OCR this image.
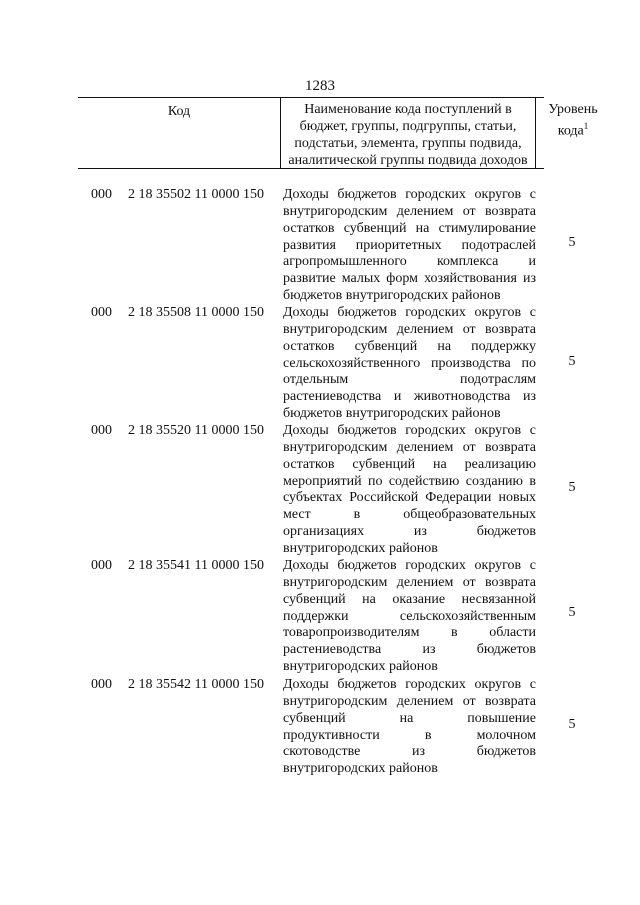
1283
Код	Наименование кода поступлений в
бюджет, группы, подгруппы, статьи,
подстатьи, элемента, группы подвида,
аналитической группы подвида доходов
Уровень
кода$^1$
000 2 18 35502 11 0000 150 Доходы бюджетов городских округов с
внутригородским делением от возврата
остатков субвенций на стимулирование
развития приоритетных подотраслей
агропромышленного комплекса и
развитие малых форм хозяйствования из
бюджетов внутригородских районов
5
000 2 18 35508 11 0000 150 Доходы бюджетов городских округов с
внутригородским делением от возврата
остатков субвенций на поддержку
сельскохозяйственного производства по
отдельным подотраслям
растениеводства и животноводства из
бюджетов внутригородских районов
5
000 2 18 35520 11 0000 150 Доходы бюджетов городских округов с
внутригородским делением от возврата
остатков субвенций на реализацию
мероприятий по содействию созданию в
субъектах Российской Федерации новых
мест в общеобразовательных
организациях из бюджетов
внутригородских районов
5
000 2 18 35541 11 0000 150 Доходы бюджетов городских округов с
внутригородским делением от возврата
субвенций на оказание несвязанной
поддержки сельскохозяйственным
товаропроизводителям в области
растениеводства из бюджетов
внутригородских районов
5
000 2 18 35542 11 0000 150 Доходы бюджетов городских округов с
внутригородским делением от возврата
субвенций на повышение
продуктивности в молочном
скотоводстве из бюджетов
внутригородских районов
5
